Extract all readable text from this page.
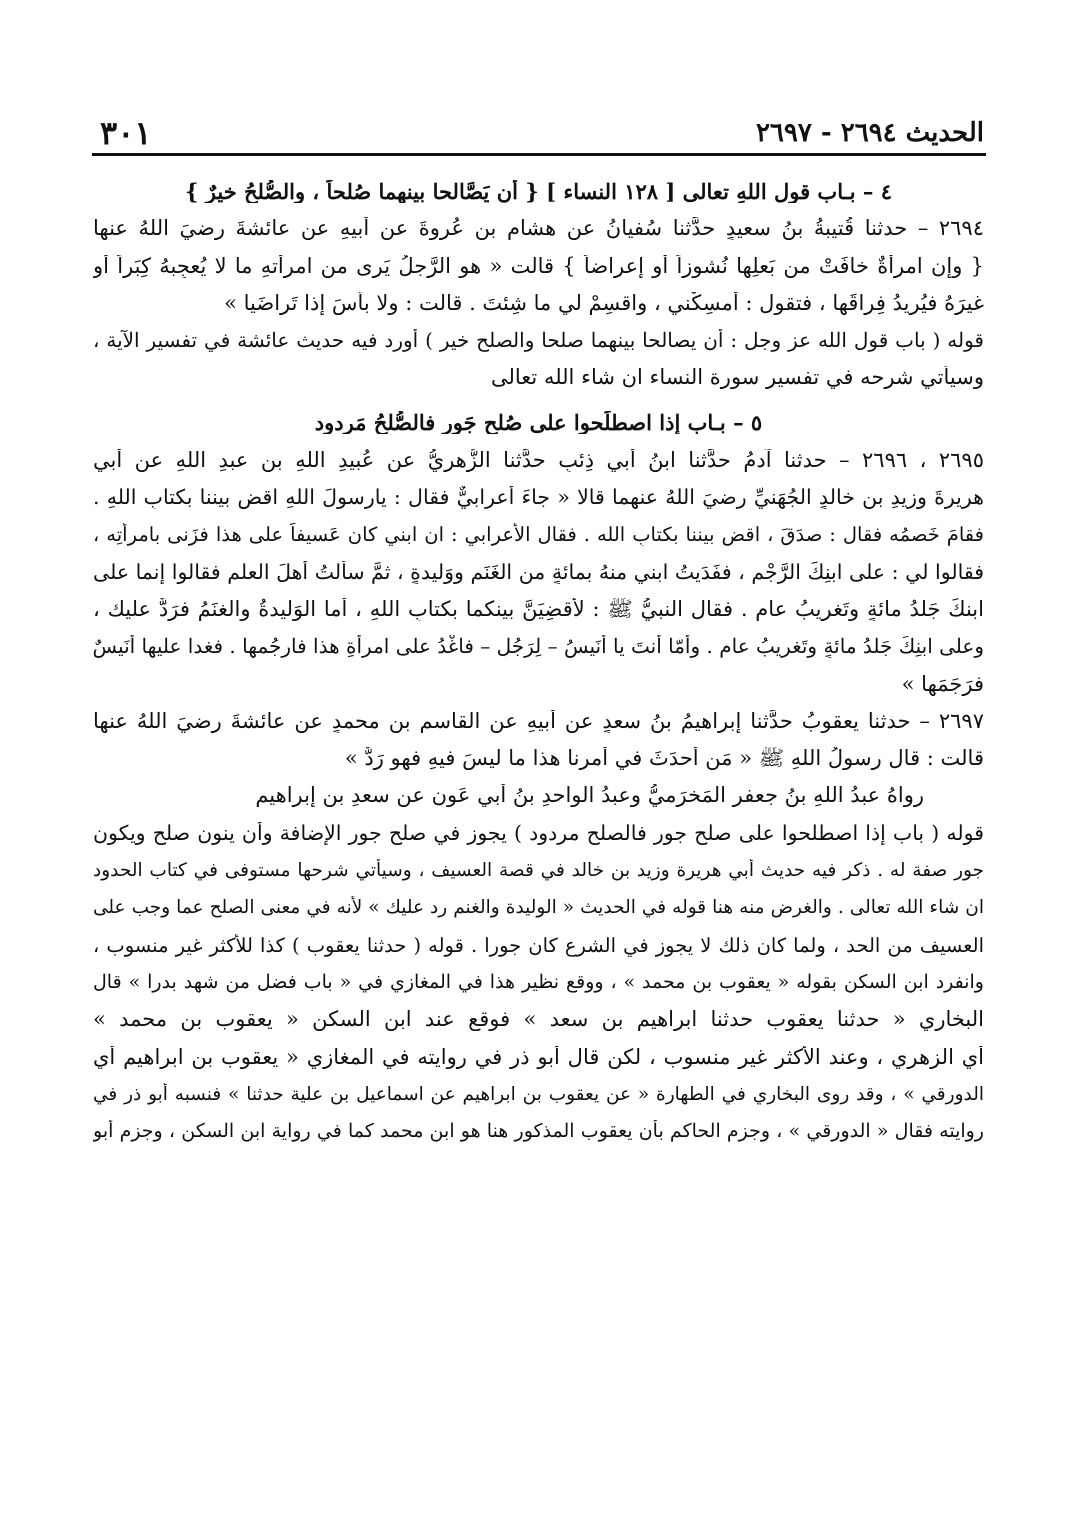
٣٠١	الحديث ٢٦٩٤ - ٢٦٩٧
٤ – بـاب قول اللهِ تعالى [ ١٢٨ النساء ] { أن يَصَّالحا بينهما صُلحاً ، والصُّلحُ خيرٌ }
٢٦٩٤ – حدثنا قُتيبةُ بنُ سعيدٍ حدَّثنا سُفيانُ عن هشامِ بنِ عُروةَ عن أبيهِ عن عائشةَ رضيَ اللهُ عنها
{ وإنِ امرأةٌ خافَتْ من بَعلِها نُشوزاً أو إعراضاً } قالت « هو الرَّجلُ يَرى من امرأتهِ ما لا يُعجِبهُ كِبَراً أو
غيرَهُ فيُريدُ فِراقَها ، فتقول : أمسِكْني ، واقسِمْ لي ما شِئتَ . قالت : ولا بأسَ إذا تَراضَيا »
قوله ( باب قول الله عز وجل : أن يصالحا بينهما صلحا والصلح خير ) أورد فيه حديث عائشة في تفسير الآية ،
وسيأتي شرحه في تفسير سورة النساء ان شاء الله تعالى
٥ – بـاب إذا اصطلَحوا على صُلحِ جَورٍ فالصُّلحُ مَردود
٢٦٩٥ ، ٢٦٩٦ – حدثنا آدمُ حدَّثنا ابنُ أبي ذِئبٍ حدَّثنا الزُّهريُّ عن عُبيدِ اللهِ بنِ عبدِ اللهِ عن أبي
هريرةَ وزيدِ بنِ خالدٍ الجُهَنيِّ رضيَ اللهُ عنهما قالا « جاءَ أعرابيٌّ فقال : يارسولَ اللهِ اقضِ بيننا بكتابِ اللهِ .
فقامَ خَصمُه فقال : صدَقَ ، اقضِ بيننا بكتابِ الله . فقال الأعرابي : ان ابني كان عَسيفاً على هذا فزَنى بامرأتِه ،
فقالوا لي : على ابنِكَ الرَّجْم ، ففَدَيتُ ابني منهُ بمائةٍ من الغَنَمِ ووَليدةٍ ، ثمَّ سألتُ أهلَ العلمِ فقالوا إنما على
ابنكَ جَلدُ مائةٍ وتَغريبُ عام . فقال النبيُّ ﷺ : لأقضِيَنَّ بينكما بكتابِ اللهِ ، أما الوَليدةُ والغنَمُ فرَدٌّ عليك ،
وعلى ابنِكَ جَلدُ مائةٍ وتَغريبُ عام . وأمّا أنتَ يا أُنَيسُ – لِرَجُلٍ – فاغْدُ على امرأةِ هذا فارجُمها . فغدا عليها أُنَيسٌ
فرَجَمَها »
٢٦٩٧ – حدثنا يعقوبُ حدَّثنا إبراهيمُ بنُ سعدٍ عن أبيهِ عن القاسمِ بنِ محمدٍ عن عائشةَ رضيَ اللهُ عنها
قالت : قال رسولُ اللهِ ﷺ « مَن أحدَثَ في أمرِنا هذا ما ليسَ فيهِ فهو رَدٌّ »
رواهُ عبدُ اللهِ بنُ جعفرٍ المَخرَميُّ وعبدُ الواحدِ بنُ أبي عَونٍ عن سعدِ بنِ إبراهيم
قوله ( باب إذا اصطلحوا على صلح جور فالصلح مردود ) يجوز في صلح جور الإضافة وأن ينون صلح ويكون
جور صفة له . ذكر فيه حديث أبي هريرة وزيد بن خالد في قصة العسيف ، وسيأتي شرحها مستوفى في كتاب الحدود
ان شاء الله تعالى . والغرض منه هنا قوله في الحديث « الوليدة والغنم رد عليك » لأنه في معنى الصلح عما وجب على
العسيف من الحد ، ولما كان ذلك لا يجوز في الشرع كان جورا . قوله ( حدثنا يعقوب ) كذا للأكثر غير منسوب ،
وانفرد ابن السكن بقوله « يعقوب بن محمد » ، ووقع نظير هذا في المغازي في « باب فضل من شهد بدرا » قال
البخاري « حدثنا يعقوب حدثنا ابراهيم بن سعد » فوقع عند ابن السكن « يعقوب بن محمد »
أي الزهري ، وعند الأكثر غير منسوب ، لكن قال أبو ذر في روايته في المغازي « يعقوب بن ابراهيم أي
الدورقي » ، وقد روى البخاري في الطهارة « عن يعقوب بن ابراهيم عن اسماعيل بن علية حدثنا » فنسبه أبو ذر في
روايته فقال « الدورقي » ، وجزم الحاكم بأن يعقوب المذكور هنا هو ابن محمد كما في رواية ابن السكن ، وجزم أبو
